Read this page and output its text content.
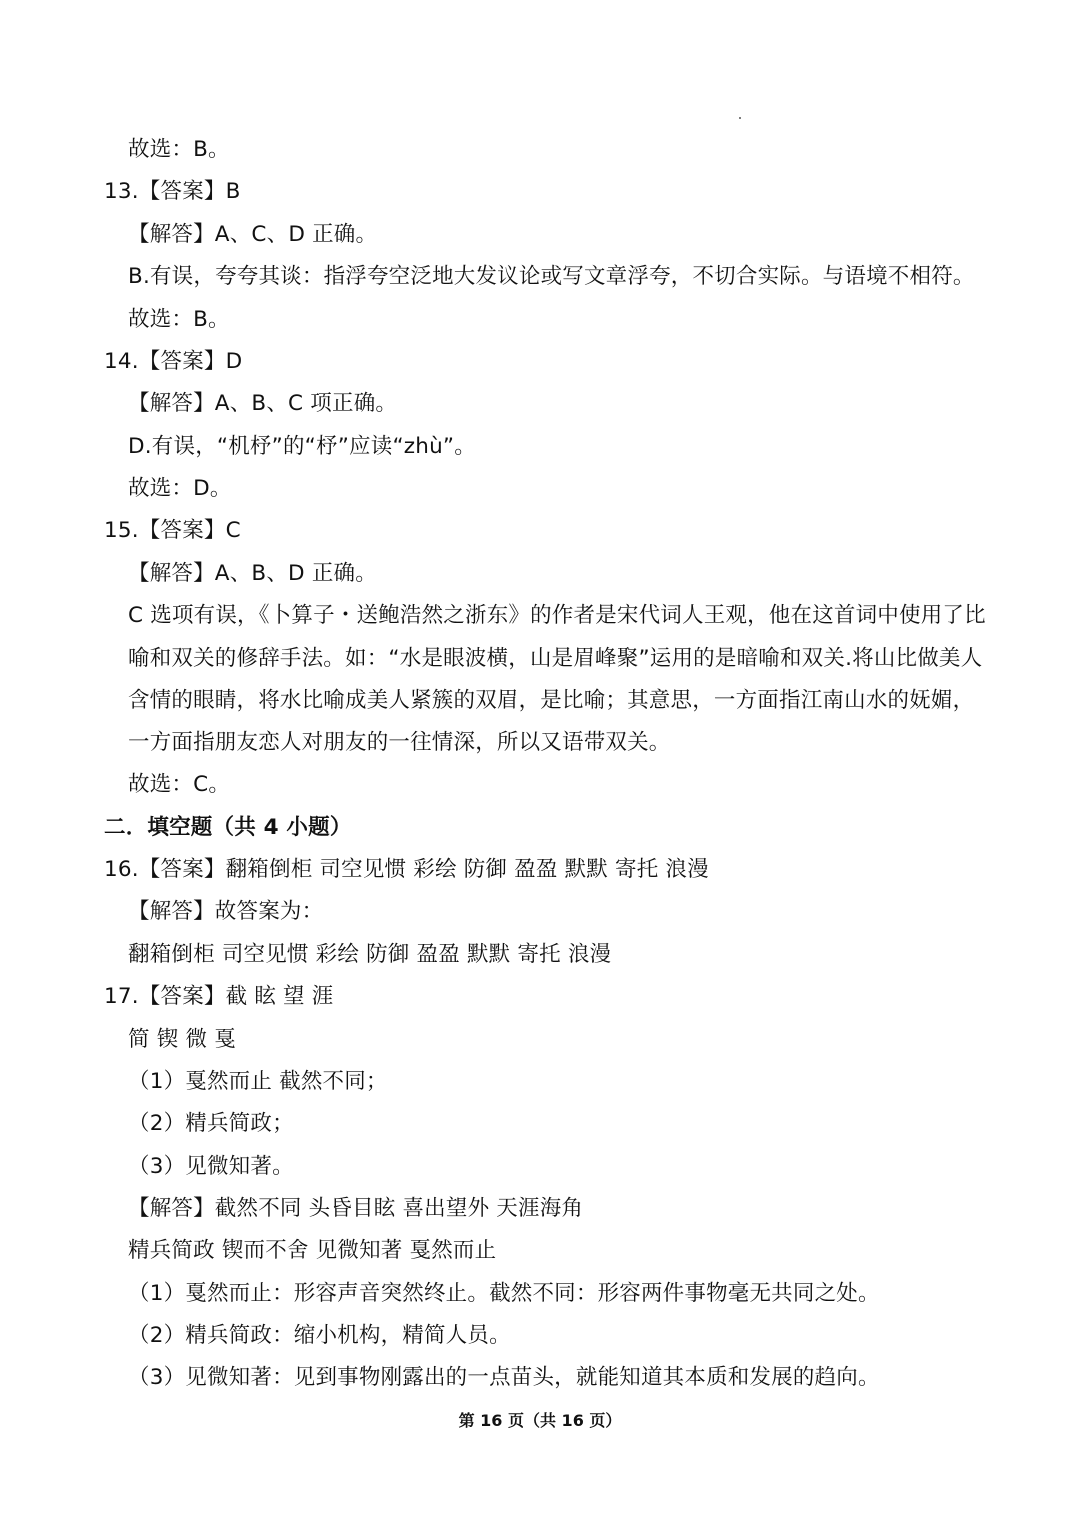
故选：B。
13.【答案】B
【解答】A、C、D 正确。
B.有误，夸夸其谈：指浮夸空泛地大发议论或写文章浮夸，不切合实际。与语境不相符。
故选：B。
14.【答案】D
【解答】A、B、C 项正确。
D.有误，“机杼”的“杼”应读“zhù”。
故选：D。
15.【答案】C
【解答】A、B、D 正确。
C 选项有误，《卜算子・送鲍浩然之浙东》的作者是宋代词人王观，他在这首词中使用了比
喻和双关的修辞手法。如：“水是眼波横，山是眉峰聚”运用的是暗喻和双关.将山比做美人
含情的眼睛，将水比喻成美人紧簇的双眉，是比喻；其意思，一方面指江南山水的妩媚，
一方面指朋友恋人对朋友的一往情深，所以又语带双关。
故选：C。
二．填空题（共 4 小题）
16.【答案】翻箱倒柜 司空见惯 彩绘 防御 盈盈 默默 寄托 浪漫
【解答】故答案为：
翻箱倒柜 司空见惯 彩绘 防御 盈盈 默默 寄托 浪漫
17.【答案】截 眩 望 涯
简 锲 微 戛
（1）戛然而止 截然不同；
（2）精兵简政；
（3）见微知著。
【解答】截然不同 头昏目眩 喜出望外 天涯海角
精兵简政 锲而不舍 见微知著 戛然而止
（1）戛然而止：形容声音突然终止。截然不同：形容两件事物毫无共同之处。
（2）精兵简政：缩小机构，精简人员。
（3）见微知著：见到事物刚露出的一点苗头，就能知道其本质和发展的趋向。
第 16 页（共 16 页）
